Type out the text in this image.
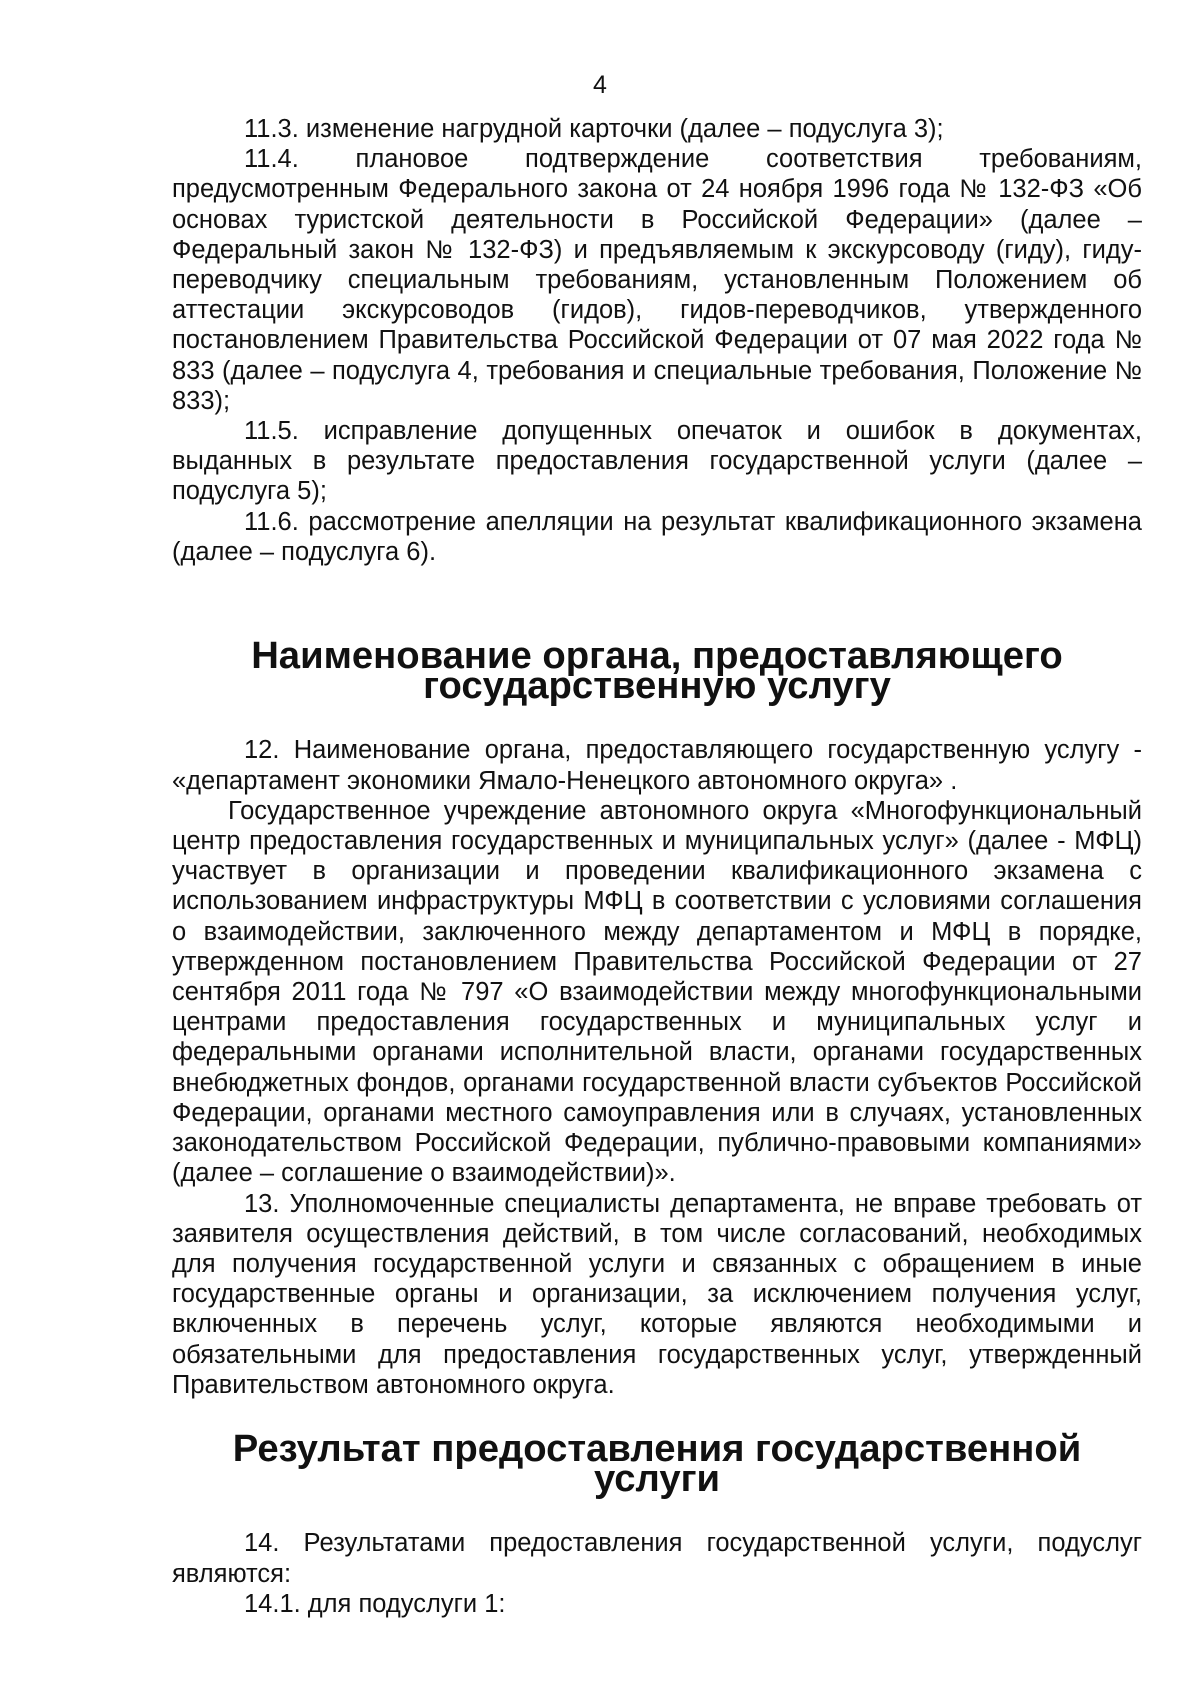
4

11.3. изменение нагрудной карточки (далее – подуслуга 3);

11.4. плановое подтверждение соответствия требованиям, предусмотренным Федерального закона от 24 ноября 1996 года № 132-ФЗ «Об основах туристской деятельности в Российской Федерации» (далее – Федеральный закон № 132-ФЗ) и предъявляемым к экскурсоводу (гиду), гиду-переводчику специальным требованиям, установленным Положением об аттестации экскурсоводов (гидов), гидов-переводчиков, утвержденного постановлением Правительства Российской Федерации от 07 мая 2022 года № 833 (далее – подуслуга 4, требования и специальные требования, Положение № 833);

11.5. исправление допущенных опечаток и ошибок в документах, выданных в результате предоставления государственной услуги (далее – подуслуга 5);

11.6. рассмотрение апелляции на результат квалификационного экзамена (далее – подуслуга 6).

Наименование органа, предоставляющего государственную услугу

12. Наименование органа, предоставляющего государственную услугу - «департамент экономики Ямало-Ненецкого автономного округа» .

Государственное учреждение автономного округа «Многофункциональный центр предоставления государственных и муниципальных услуг» (далее - МФЦ) участвует в организации и проведении квалификационного экзамена с использованием инфраструктуры МФЦ в соответствии с условиями соглашения о взаимодействии, заключенного между департаментом и МФЦ в порядке, утвержденном постановлением Правительства Российской Федерации от 27 сентября 2011 года № 797 «О взаимодействии между многофункциональными центрами предоставления государственных и муниципальных услуг и федеральными органами исполнительной власти, органами государственных внебюджетных фондов, органами государственной власти субъектов Российской Федерации, органами местного самоуправления или в случаях, установленных законодательством Российской Федерации, публично-правовыми компаниями» (далее – соглашение о взаимодействии)».

13. Уполномоченные специалисты департамента, не вправе требовать от заявителя осуществления действий, в том числе согласований, необходимых для получения государственной услуги и связанных с обращением в иные государственные органы и организации, за исключением получения услуг, включенных в перечень услуг, которые являются необходимыми и обязательными для предоставления государственных услуг, утвержденный Правительством автономного округа.

Результат предоставления государственной услуги

14. Результатами предоставления государственной услуги, подуслуг являются:

14.1. для подуслуги 1:
